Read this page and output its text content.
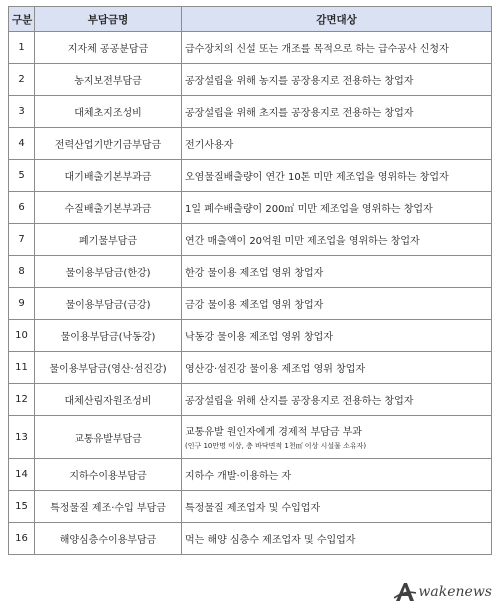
구분	부담금명	감면대상
1	지자체 공공분담금	급수장치의 신설 또는 개조를 목적으로 하는 급수공사 신청자
2	농지보전부담금	공장설립을 위해 농지를 공장용지로 전용하는 창업자
3	대체초지조성비	공장설립을 위해 초지를 공장용지로 전용하는 창업자
4	전력산업기반기금부담금	전기사용자
5	대기배출기본부과금	오염물질배출량이 연간 10톤 미만 제조업을 영위하는 창업자
6	수질배출기본부과금	1일 폐수배출량이 200㎥ 미만 제조업을 영위하는 창업자
7	폐기물부담금	연간 매출액이 20억원 미만 제조업을 영위하는 창업자
8	물이용부담금(한강)	한강 물이용 제조업 영위 창업자
9	물이용부담금(금강)	금강 물이용 제조업 영위 창업자
10	물이용부담금(낙동강)	낙동강 물이용 제조업 영위 창업자
11	물이용부담금(영산·섬진강)	영산강·섬진강 물이용 제조업 영위 창업자
12	대체산림자원조성비	공장설립을 위해 산지를 공장용지로 전용하는 창업자
13	교통유발부담금	교통유발 원인자에게 경제적 부담금 부과
(인구 10만명 이상, 층 바닥면적 1천㎡ 이상 시설물 소유자)

14	지하수이용부담금	지하수 개발·이용하는 자
15	특정물질 제조·수입 부담금	특정물질 제조업자 및 수입업자
16	해양심층수이용부담금	먹는 해양 심층수 제조업자 및 수입업자
wakenews
